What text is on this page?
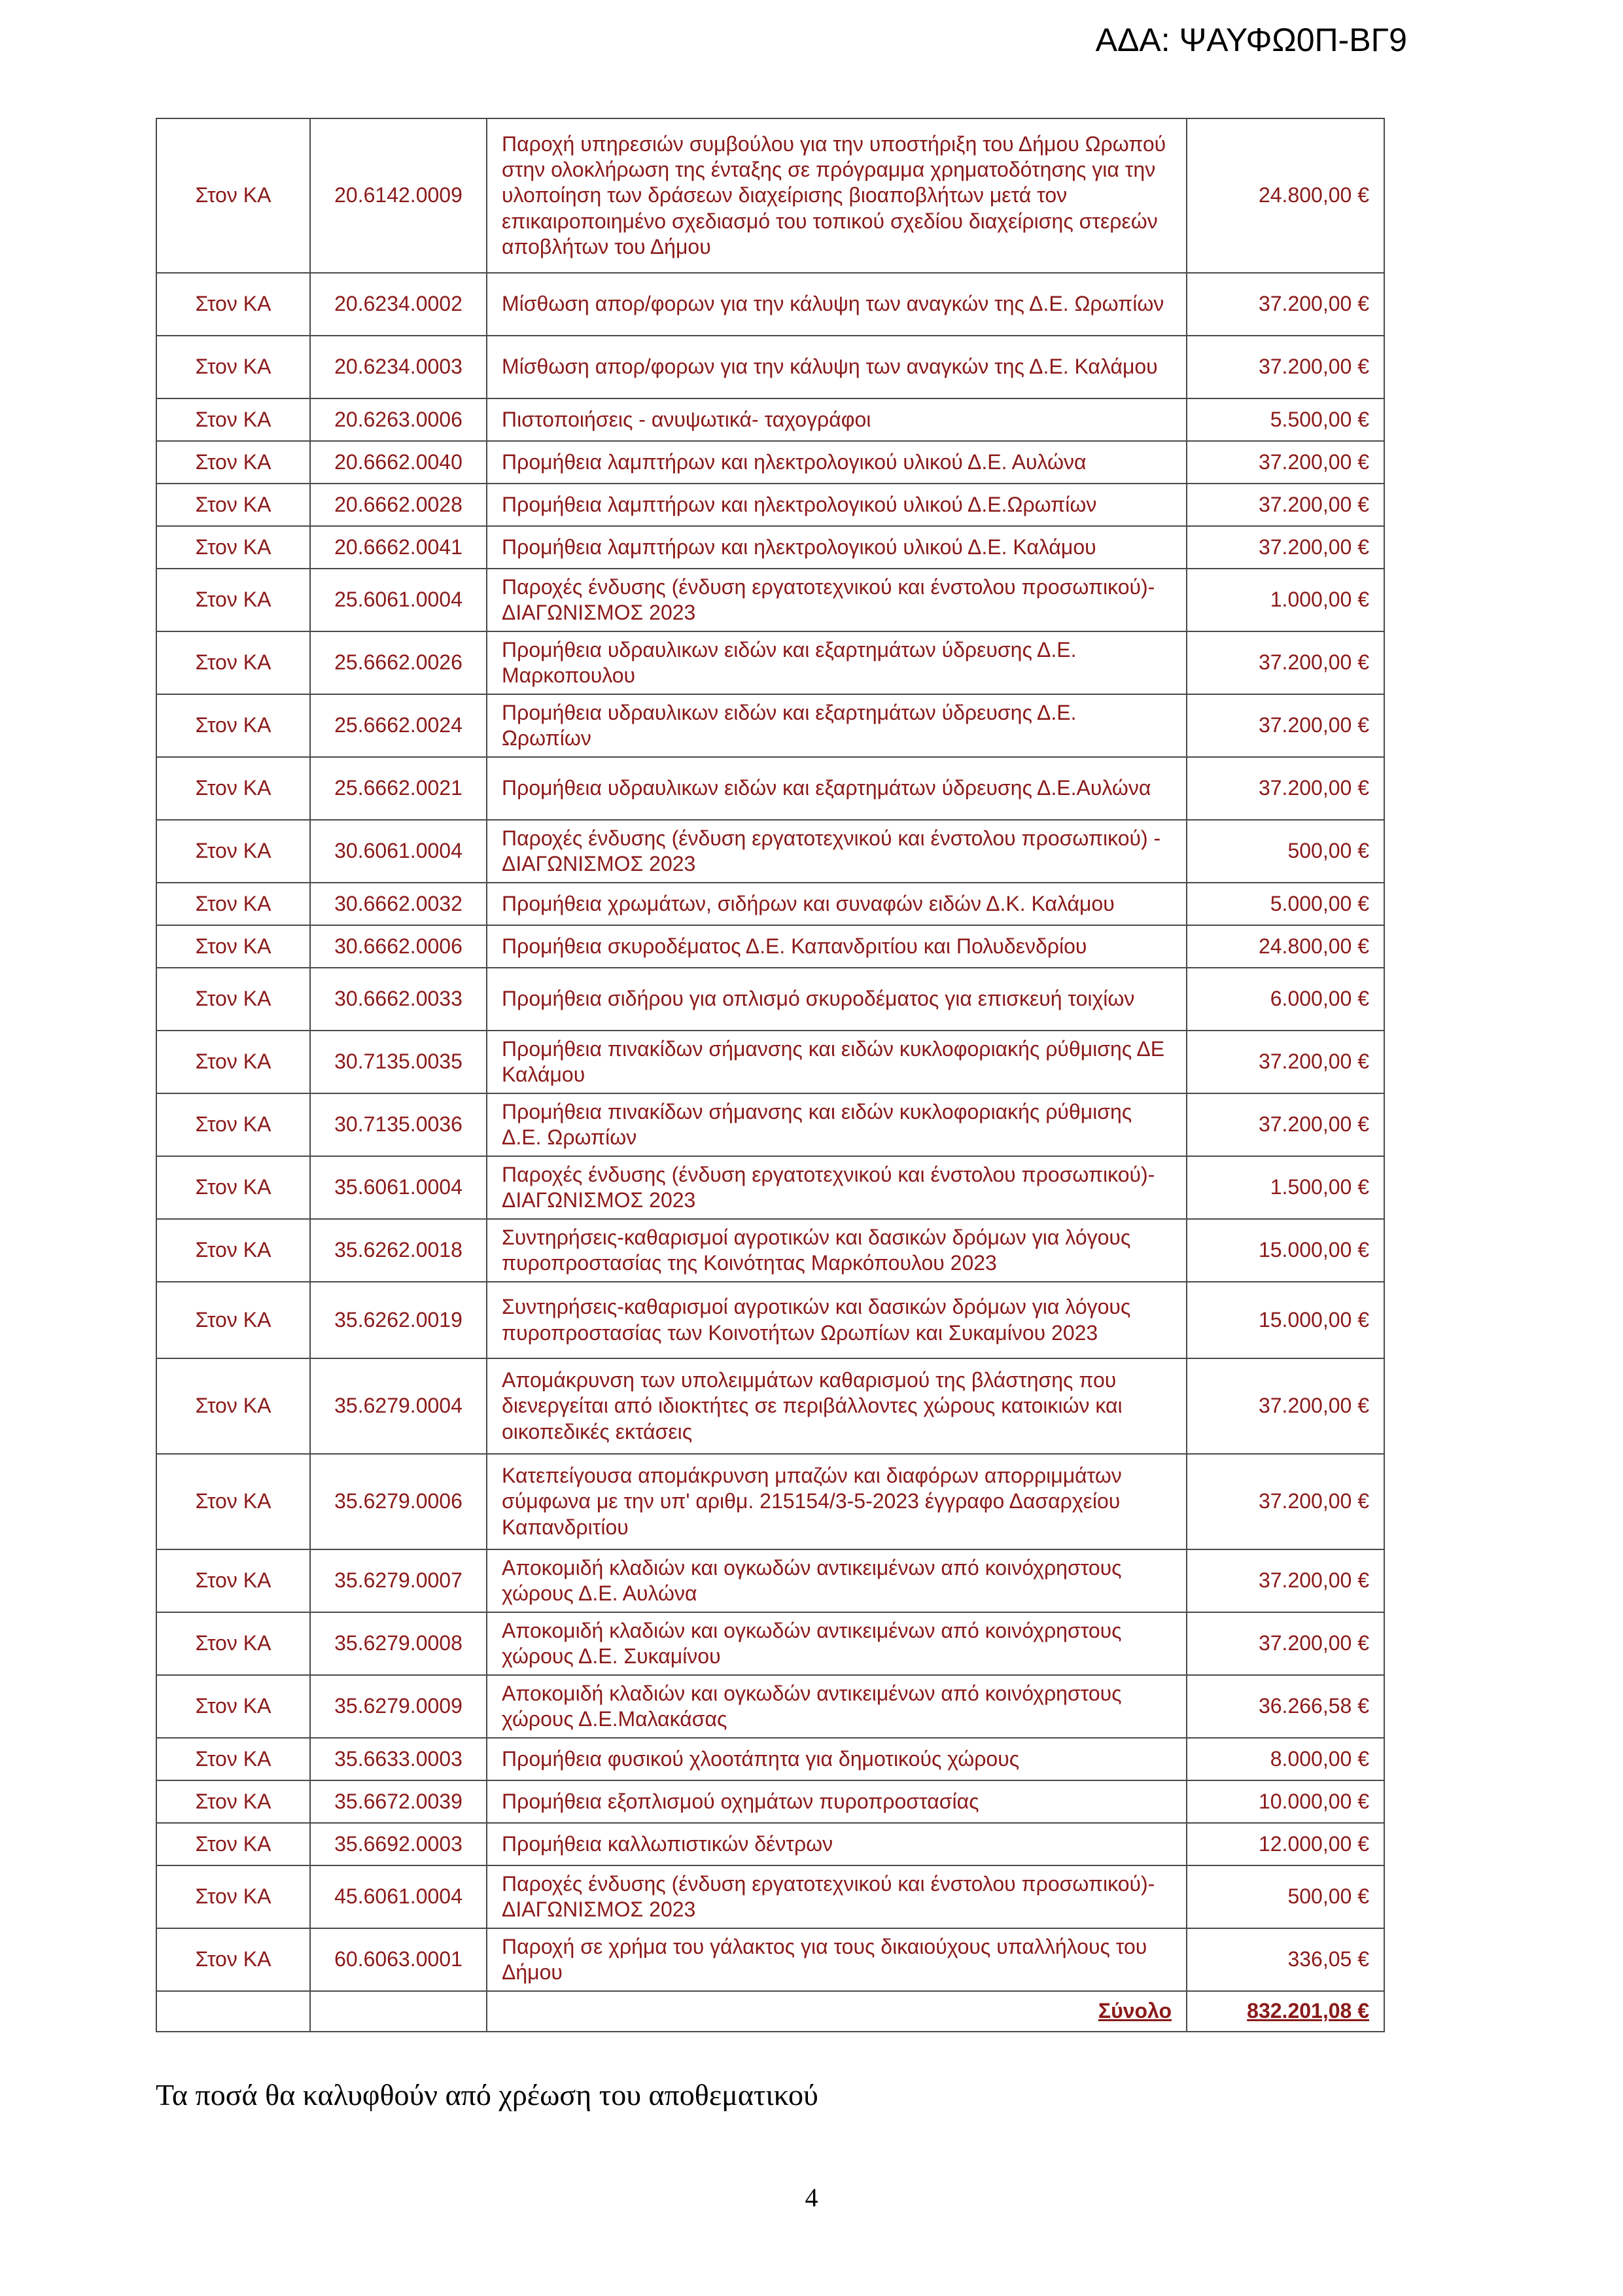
ΑΔΑ: ΨΑΥΦΩ0Π-ΒΓ9
Στον ΚΑ	20.6142.0009	Παροχή υπηρεσιών συμβούλου για την υποστήριξη του Δήμου Ωρωπού στην ολοκλήρωση της ένταξης σε πρόγραμμα χρηματοδότησης για την υλοποίηση των δράσεων διαχείρισης βιοαποβλήτων μετά τον επικαιροποιημένο σχεδιασμό του τοπικού σχεδίου διαχείρισης στερεών αποβλήτων του Δήμου	24.800,00 €
Στον ΚΑ	20.6234.0002	Μίσθωση απορ/φορων για την κάλυψη των αναγκών της Δ.Ε. Ωρωπίων	37.200,00 €
Στον ΚΑ	20.6234.0003	Μίσθωση απορ/φορων για την κάλυψη των αναγκών της Δ.Ε. Καλάμου	37.200,00 €
Στον ΚΑ	20.6263.0006	Πιστοποιήσεις - ανυψωτικά- ταχογράφοι	5.500,00 €
Στον ΚΑ	20.6662.0040	Προμήθεια λαμπτήρων και ηλεκτρολογικού υλικού Δ.Ε. Αυλώνα	37.200,00 €
Στον ΚΑ	20.6662.0028	Προμήθεια λαμπτήρων και ηλεκτρολογικού υλικού Δ.Ε.Ωρωπίων	37.200,00 €
Στον ΚΑ	20.6662.0041	Προμήθεια λαμπτήρων και ηλεκτρολογικού υλικού Δ.Ε. Καλάμου	37.200,00 €
Στον ΚΑ	25.6061.0004	Παροχές ένδυσης (ένδυση εργατοτεχνικού και ένστολου προσωπικού)- ΔΙΑΓΩΝΙΣΜΟΣ 2023	1.000,00 €
Στον ΚΑ	25.6662.0026	Προμήθεια υδραυλικων ειδών και εξαρτημάτων ύδρευσης Δ.Ε. Μαρκοπουλου	37.200,00 €
Στον ΚΑ	25.6662.0024	Προμήθεια υδραυλικων ειδών και εξαρτημάτων ύδρευσης Δ.Ε. Ωρωπίων	37.200,00 €
Στον ΚΑ	25.6662.0021	Προμήθεια υδραυλικων ειδών και εξαρτημάτων ύδρευσης Δ.Ε.Αυλώνα	37.200,00 €
Στον ΚΑ	30.6061.0004	Παροχές ένδυσης (ένδυση εργατοτεχνικού και ένστολου προσωπικού) - ΔΙΑΓΩΝΙΣΜΟΣ 2023	500,00 €
Στον ΚΑ	30.6662.0032	Προμήθεια χρωμάτων, σιδήρων και συναφών ειδών Δ.Κ. Καλάμου	5.000,00 €
Στον ΚΑ	30.6662.0006	Προμήθεια σκυροδέματος Δ.Ε. Καπανδριτίου και Πολυδενδρίου	24.800,00 €
Στον ΚΑ	30.6662.0033	Προμήθεια σιδήρου για οπλισμό σκυροδέματος για επισκευή τοιχίων	6.000,00 €
Στον ΚΑ	30.7135.0035	Προμήθεια πινακίδων σήμανσης και ειδών κυκλοφοριακής ρύθμισης ΔΕ Καλάμου	37.200,00 €
Στον ΚΑ	30.7135.0036	Προμήθεια πινακίδων σήμανσης και ειδών κυκλοφοριακής ρύθμισης Δ.Ε. Ωρωπίων	37.200,00 €
Στον ΚΑ	35.6061.0004	Παροχές ένδυσης (ένδυση εργατοτεχνικού και ένστολου προσωπικού)- ΔΙΑΓΩΝΙΣΜΟΣ 2023	1.500,00 €
Στον ΚΑ	35.6262.0018	Συντηρήσεις-καθαρισμοί αγροτικών και δασικών δρόμων για λόγους πυροπροστασίας της Κοινότητας Μαρκόπουλου 2023	15.000,00 €
Στον ΚΑ	35.6262.0019	Συντηρήσεις-καθαρισμοί αγροτικών και δασικών δρόμων για λόγους πυροπροστασίας των Κοινοτήτων Ωρωπίων και Συκαμίνου 2023	15.000,00 €
Στον ΚΑ	35.6279.0004	Απομάκρυνση των υπολειμμάτων καθαρισμού της βλάστησης που διενεργείται από ιδιοκτήτες σε περιβάλλοντες χώρους κατοικιών και οικοπεδικές εκτάσεις	37.200,00 €
Στον ΚΑ	35.6279.0006	Κατεπείγουσα απομάκρυνση μπαζών και διαφόρων απορριμμάτων σύμφωνα με την υπ' αριθμ. 215154/3-5-2023 έγγραφο Δασαρχείου Καπανδριτίου	37.200,00 €
Στον ΚΑ	35.6279.0007	Αποκομιδή κλαδιών και ογκωδών αντικειμένων από κοινόχρηστους χώρους Δ.Ε. Αυλώνα	37.200,00 €
Στον ΚΑ	35.6279.0008	Αποκομιδή κλαδιών και ογκωδών αντικειμένων από κοινόχρηστους χώρους Δ.Ε. Συκαμίνου	37.200,00 €
Στον ΚΑ	35.6279.0009	Αποκομιδή κλαδιών και ογκωδών αντικειμένων από κοινόχρηστους χώρους Δ.Ε.Μαλακάσας	36.266,58 €
Στον ΚΑ	35.6633.0003	Προμήθεια φυσικού χλοοτάπητα για δημοτικούς χώρους	8.000,00 €
Στον ΚΑ	35.6672.0039	Προμήθεια εξοπλισμού οχημάτων πυροπροστασίας	10.000,00 €
Στον ΚΑ	35.6692.0003	Προμήθεια καλλωπιστικών δέντρων	12.000,00 €
Στον ΚΑ	45.6061.0004	Παροχές ένδυσης (ένδυση εργατοτεχνικού και ένστολου προσωπικού)- ΔΙΑΓΩΝΙΣΜΟΣ 2023	500,00 €
Στον ΚΑ	60.6063.0001	Παροχή σε χρήμα του γάλακτος για τους δικαιούχους υπαλλήλους του Δήμου	336,05 €
		Σύνολο	832.201,08 €
Τα ποσά θα καλυφθούν από χρέωση του αποθεματικού
4
